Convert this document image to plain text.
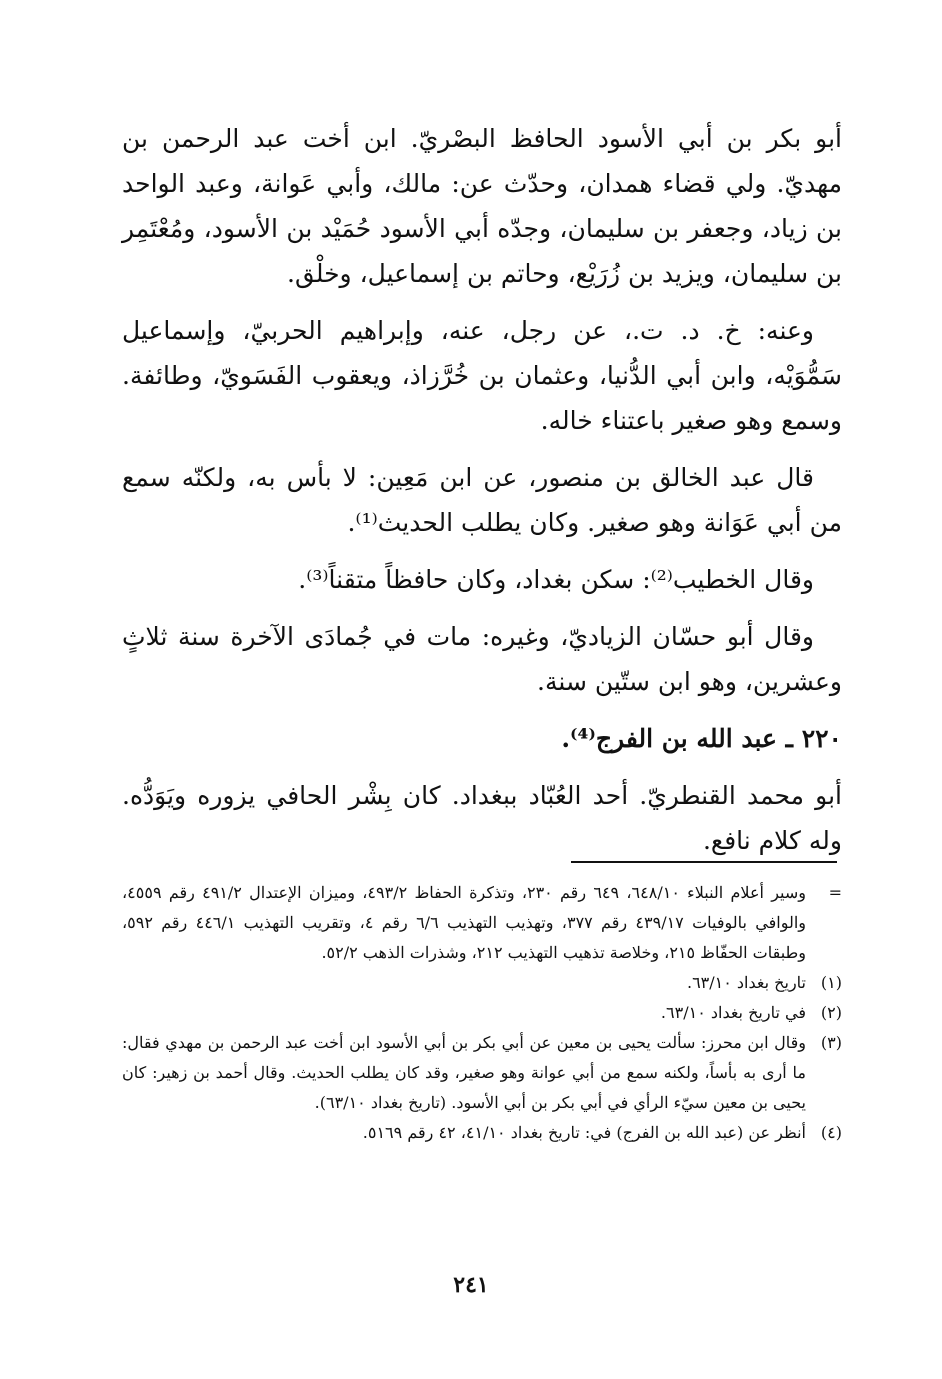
أبو بكر بن أبي الأسود الحافظ البصْريّ. ابن أخت عبد الرحمن بن مهديّ. ولي قضاء همدان، وحدّث عن: مالك، وأبي عَوانة، وعبد الواحد بن زياد، وجعفر بن سليمان، وجدّه أبي الأسود حُمَيْد بن الأسود، ومُعْتَمِر بن سليمان، ويزيد بن زُرَيْع، وحاتم بن إسماعيل، وخلْق.

وعنه: خ. د. ت.، عن رجل، عنه، وإبراهيم الحربيّ، وإسماعيل سَمُّوَيْه، وابن أبي الدُّنيا، وعثمان بن خُرَّزاذ، ويعقوب الفَسَويّ، وطائفة. وسمع وهو صغير باعتناء خاله.

قال عبد الخالق بن منصور، عن ابن مَعِين: لا بأس به، ولكنّه سمع من أبي عَوَانة وهو صغير. وكان يطلب الحديث⁽¹⁾.

وقال الخطيب⁽²⁾: سكن بغداد، وكان حافظاً متقناً⁽³⁾.

وقال أبو حسّان الزياديّ، وغيره: مات في جُمادَى الآخرة سنة ثلاثٍ وعشرين، وهو ابن ستّين سنة.

٢٢٠ ـ عبد الله بن الفرج⁽⁴⁾.

أبو محمد القنطريّ. أحد العُبّاد ببغداد. كان بِشْر الحافي يزوره ويَوَدُّه. وله كلام نافع.

=
وسير أعلام النبلاء ٦٤٨/١٠، ٦٤٩ رقم ٢٣٠، وتذكرة الحفاظ ٤٩٣/٢، وميزان الإعتدال ٤٩١/٢ رقم ٤٥٥٩، والوافي بالوفيات ٤٣٩/١٧ رقم ٣٧٧، وتهذيب التهذيب ٦/٦ رقم ٤، وتقريب التهذيب ٤٤٦/١ رقم ٥٩٢، وطبقات الحفّاظ ٢١٥، وخلاصة تذهيب التهذيب ٢١٢، وشذرات الذهب ٥٢/٢.
(١)
تاريخ بغداد ٦٣/١٠.
(٢)
في تاريخ بغداد ٦٣/١٠.
(٣)
وقال ابن محرز: سألت يحيى بن معين عن أبي بكر بن أبي الأسود ابن أخت عبد الرحمن بن مهدي فقال: ما أرى به بأساً، ولكنه سمع من أبي عوانة وهو صغير، وقد كان يطلب الحديث. وقال أحمد بن زهير: كان يحيى بن معين سيّء الرأي في أبي بكر بن أبي الأسود. (تاريخ بغداد ٦٣/١٠).
(٤)
أنظر عن (عبد الله بن الفرج) في: تاريخ بغداد ٤١/١٠، ٤٢ رقم ٥١٦٩.
٢٤١
